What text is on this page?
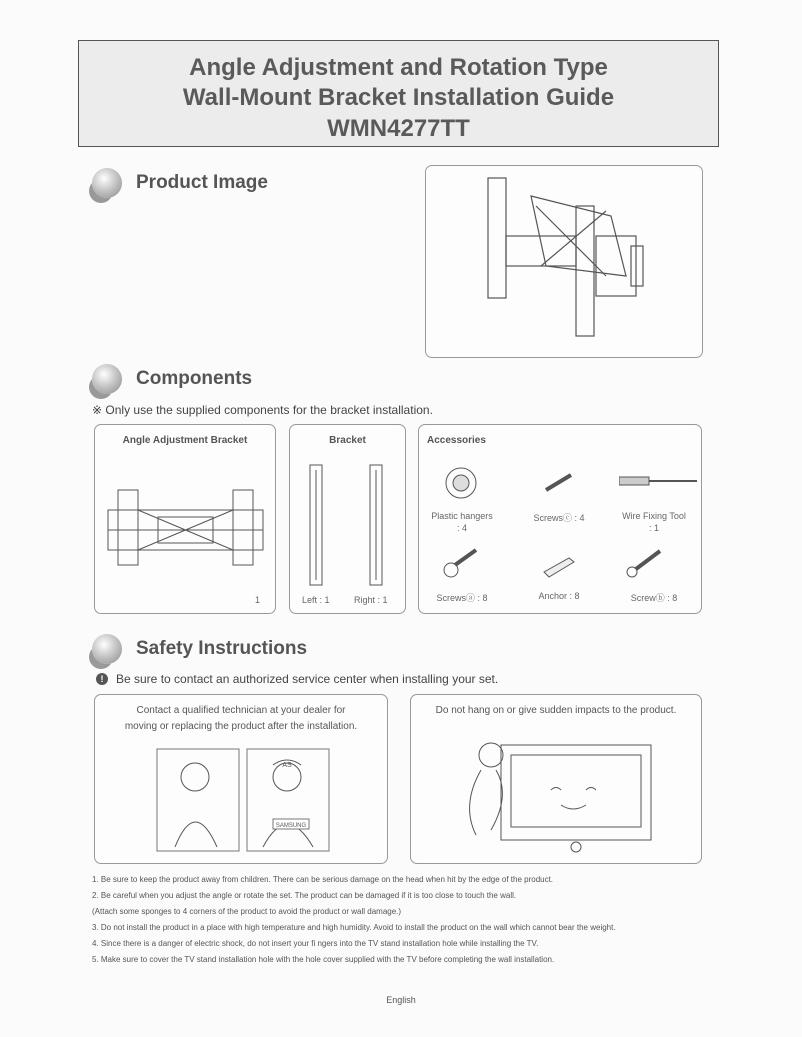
Angle Adjustment and Rotation Type
Wall-Mount Bracket Installation Guide
WMN4277TT
Product Image
Components
※ Only use the supplied components for the bracket installation.
Angle Adjustment Bracket
1
Bracket
Left : 1	Right : 1
Accessories
Plastic hangers
: 4
Screwsⓒ : 4	Wire Fixing Tool
: 1
Screwsⓐ : 8	Anchor : 8	Screwⓑ : 8
Safety Instructions
!	Be sure to contact an authorized service center when installing your set.
Contact a qualified technician at your dealer for
moving or replacing the product after the installation.
AS
SAMSUNG
Do not hang on or give sudden impacts to the product.
1. Be sure to keep the product away from children. There can be serious damage on the head when hit by the edge of the product.
2. Be careful when you adjust the angle or rotate the set. The product can be damaged if it is too close to touch the wall.
(Attach some sponges to 4 corners of the product to avoid the product or wall damage.)
3. Do not install the product in a place with high temperature and high humidity. Avoid to install the product on the wall which cannot bear the weight.
4. Since there is a danger of electric shock, do not insert your fi ngers into the TV stand installation hole while installing the TV.
5. Make sure to cover the TV stand installation hole with the hole cover supplied with the TV before completing the wall installation.
English
